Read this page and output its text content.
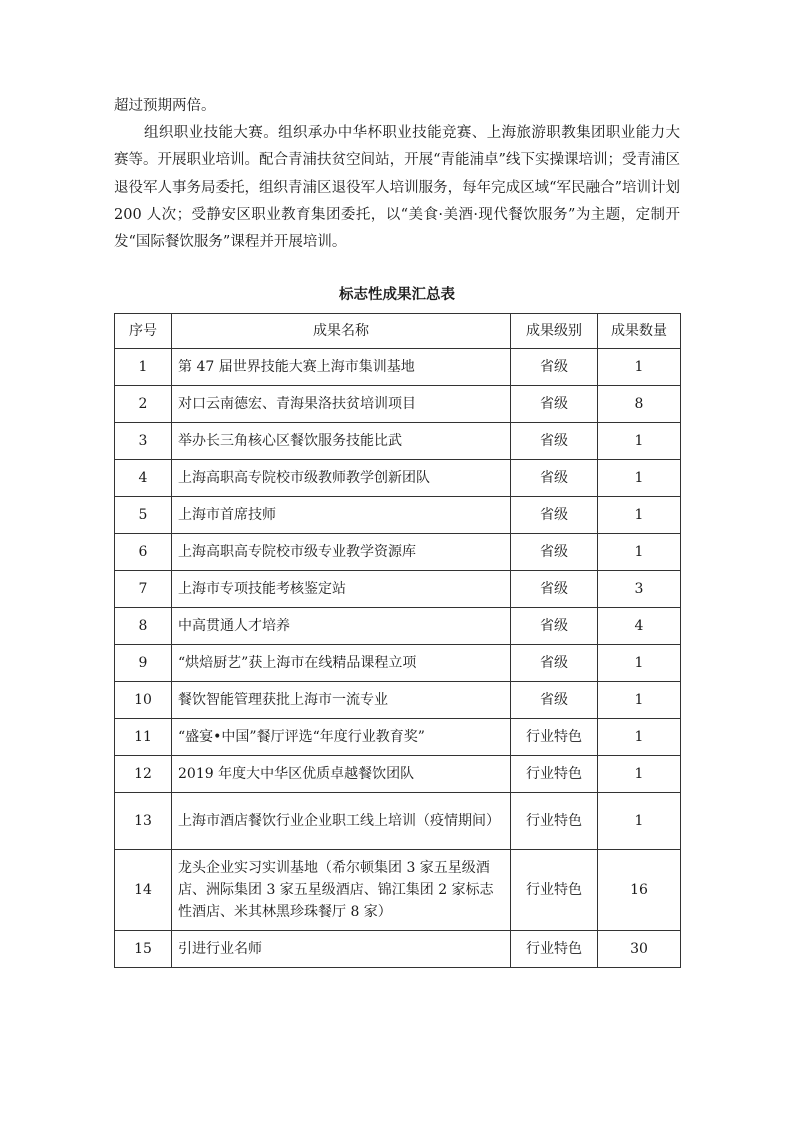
超过预期两倍。

组织职业技能大赛。组织承办中华杯职业技能竞赛、上海旅游职教集团职业能力大赛等。开展职业培训。配合青浦扶贫空间站，开展“青能浦卓”线下实操课培训；受青浦区退役军人事务局委托，组织青浦区退役军人培训服务，每年完成区域“军民融合”培训计划 200 人次；受静安区职业教育集团委托，以“美食·美酒·现代餐饮服务”为主题，定制开发“国际餐饮服务”课程并开展培训。

标志性成果汇总表
序号	成果名称	成果级别	成果数量
1	第 47 届世界技能大赛上海市集训基地	省级	1
2	对口云南德宏、青海果洛扶贫培训项目	省级	8
3	举办长三角核心区餐饮服务技能比武	省级	1
4	上海高职高专院校市级教师教学创新团队	省级	1
5	上海市首席技师	省级	1
6	上海高职高专院校市级专业教学资源库	省级	1
7	上海市专项技能考核鉴定站	省级	3
8	中高贯通人才培养	省级	4
9	“烘焙厨艺”获上海市在线精品课程立项	省级	1
10	餐饮智能管理获批上海市一流专业	省级	1
11	“盛宴•中国”餐厅评选“年度行业教育奖”	行业特色	1
12	2019 年度大中华区优质卓越餐饮团队	行业特色	1
13	上海市酒店餐饮行业企业职工线上培训（疫情期间）	行业特色	1
14	龙头企业实习实训基地（希尔顿集团 3 家五星级酒店、洲际集团 3 家五星级酒店、锦江集团 2 家标志性酒店、米其林黑珍珠餐厅 8 家）	行业特色	16
15	引进行业名师	行业特色	30
